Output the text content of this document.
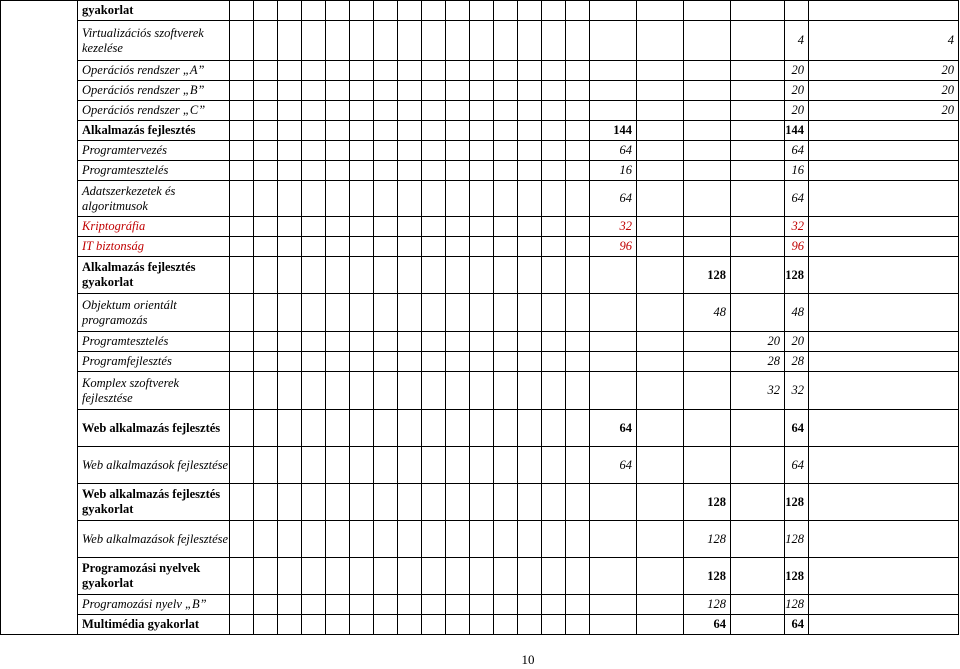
	gyakorlat																					
	Virtualizációs szoftverek kezelése																				4	4
	Operációs rendszer „A”																				20	20
	Operációs rendszer „B”																				20	20
	Operációs rendszer „C”																				20	20
	Alkalmazás fejlesztés																144				144	
	Programtervezés																64				64	
	Programtesztelés																16				16	
	Adatszerkezetek és algoritmusok																64				64	
	Kriptográfia																32				32	
	IT biztonság																96				96	
	Alkalmazás fejlesztés gyakorlat																		128		128	
	Objektum orientált programozás																		48		48	
	Programtesztelés																			20	20	
	Programfejlesztés																			28	28	
	Komplex szoftverek fejlesztése																			32	32	
	Web alkalmazás fejlesztés																64				64	
	Web alkalmazások fejlesztése																64				64	
	Web alkalmazás fejlesztés gyakorlat																		128		128	
	Web alkalmazások fejlesztése																		128		128	
	Programozási nyelvek gyakorlat																		128		128	
	Programozási nyelv „B”																		128		128	
	Multimédia gyakorlat																		64		64	
10
